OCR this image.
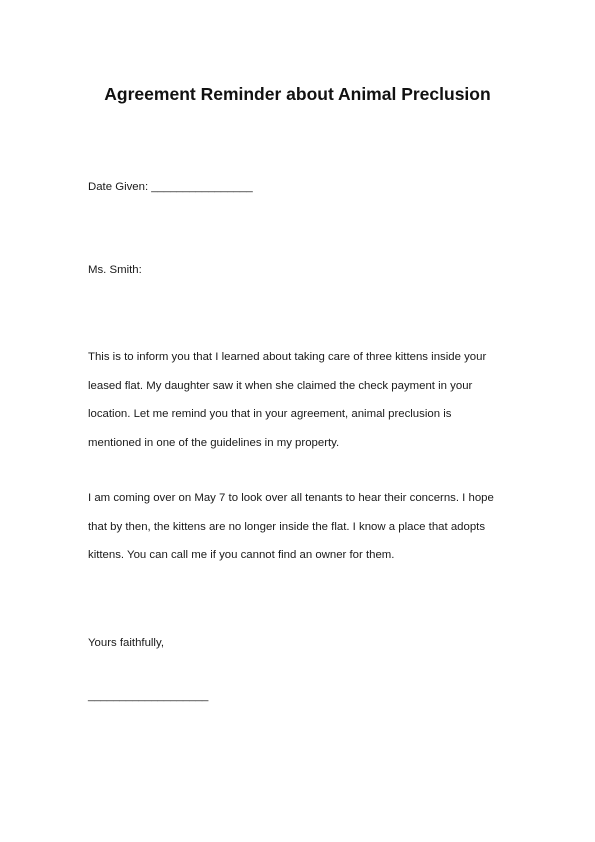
Agreement Reminder about Animal Preclusion
Date Given: ________________
Ms. Smith:
This is to inform you that I learned about taking care of three kittens inside your
leased flat. My daughter saw it when she claimed the check payment in your
location. Let me remind you that in your agreement, animal preclusion is
mentioned in one of the guidelines in my property.
I am coming over on May 7 to look over all tenants to hear their concerns. I hope
that by then, the kittens are no longer inside the flat. I know a place that adopts
kittens. You can call me if you cannot find an owner for them.
Yours faithfully,
___________________
